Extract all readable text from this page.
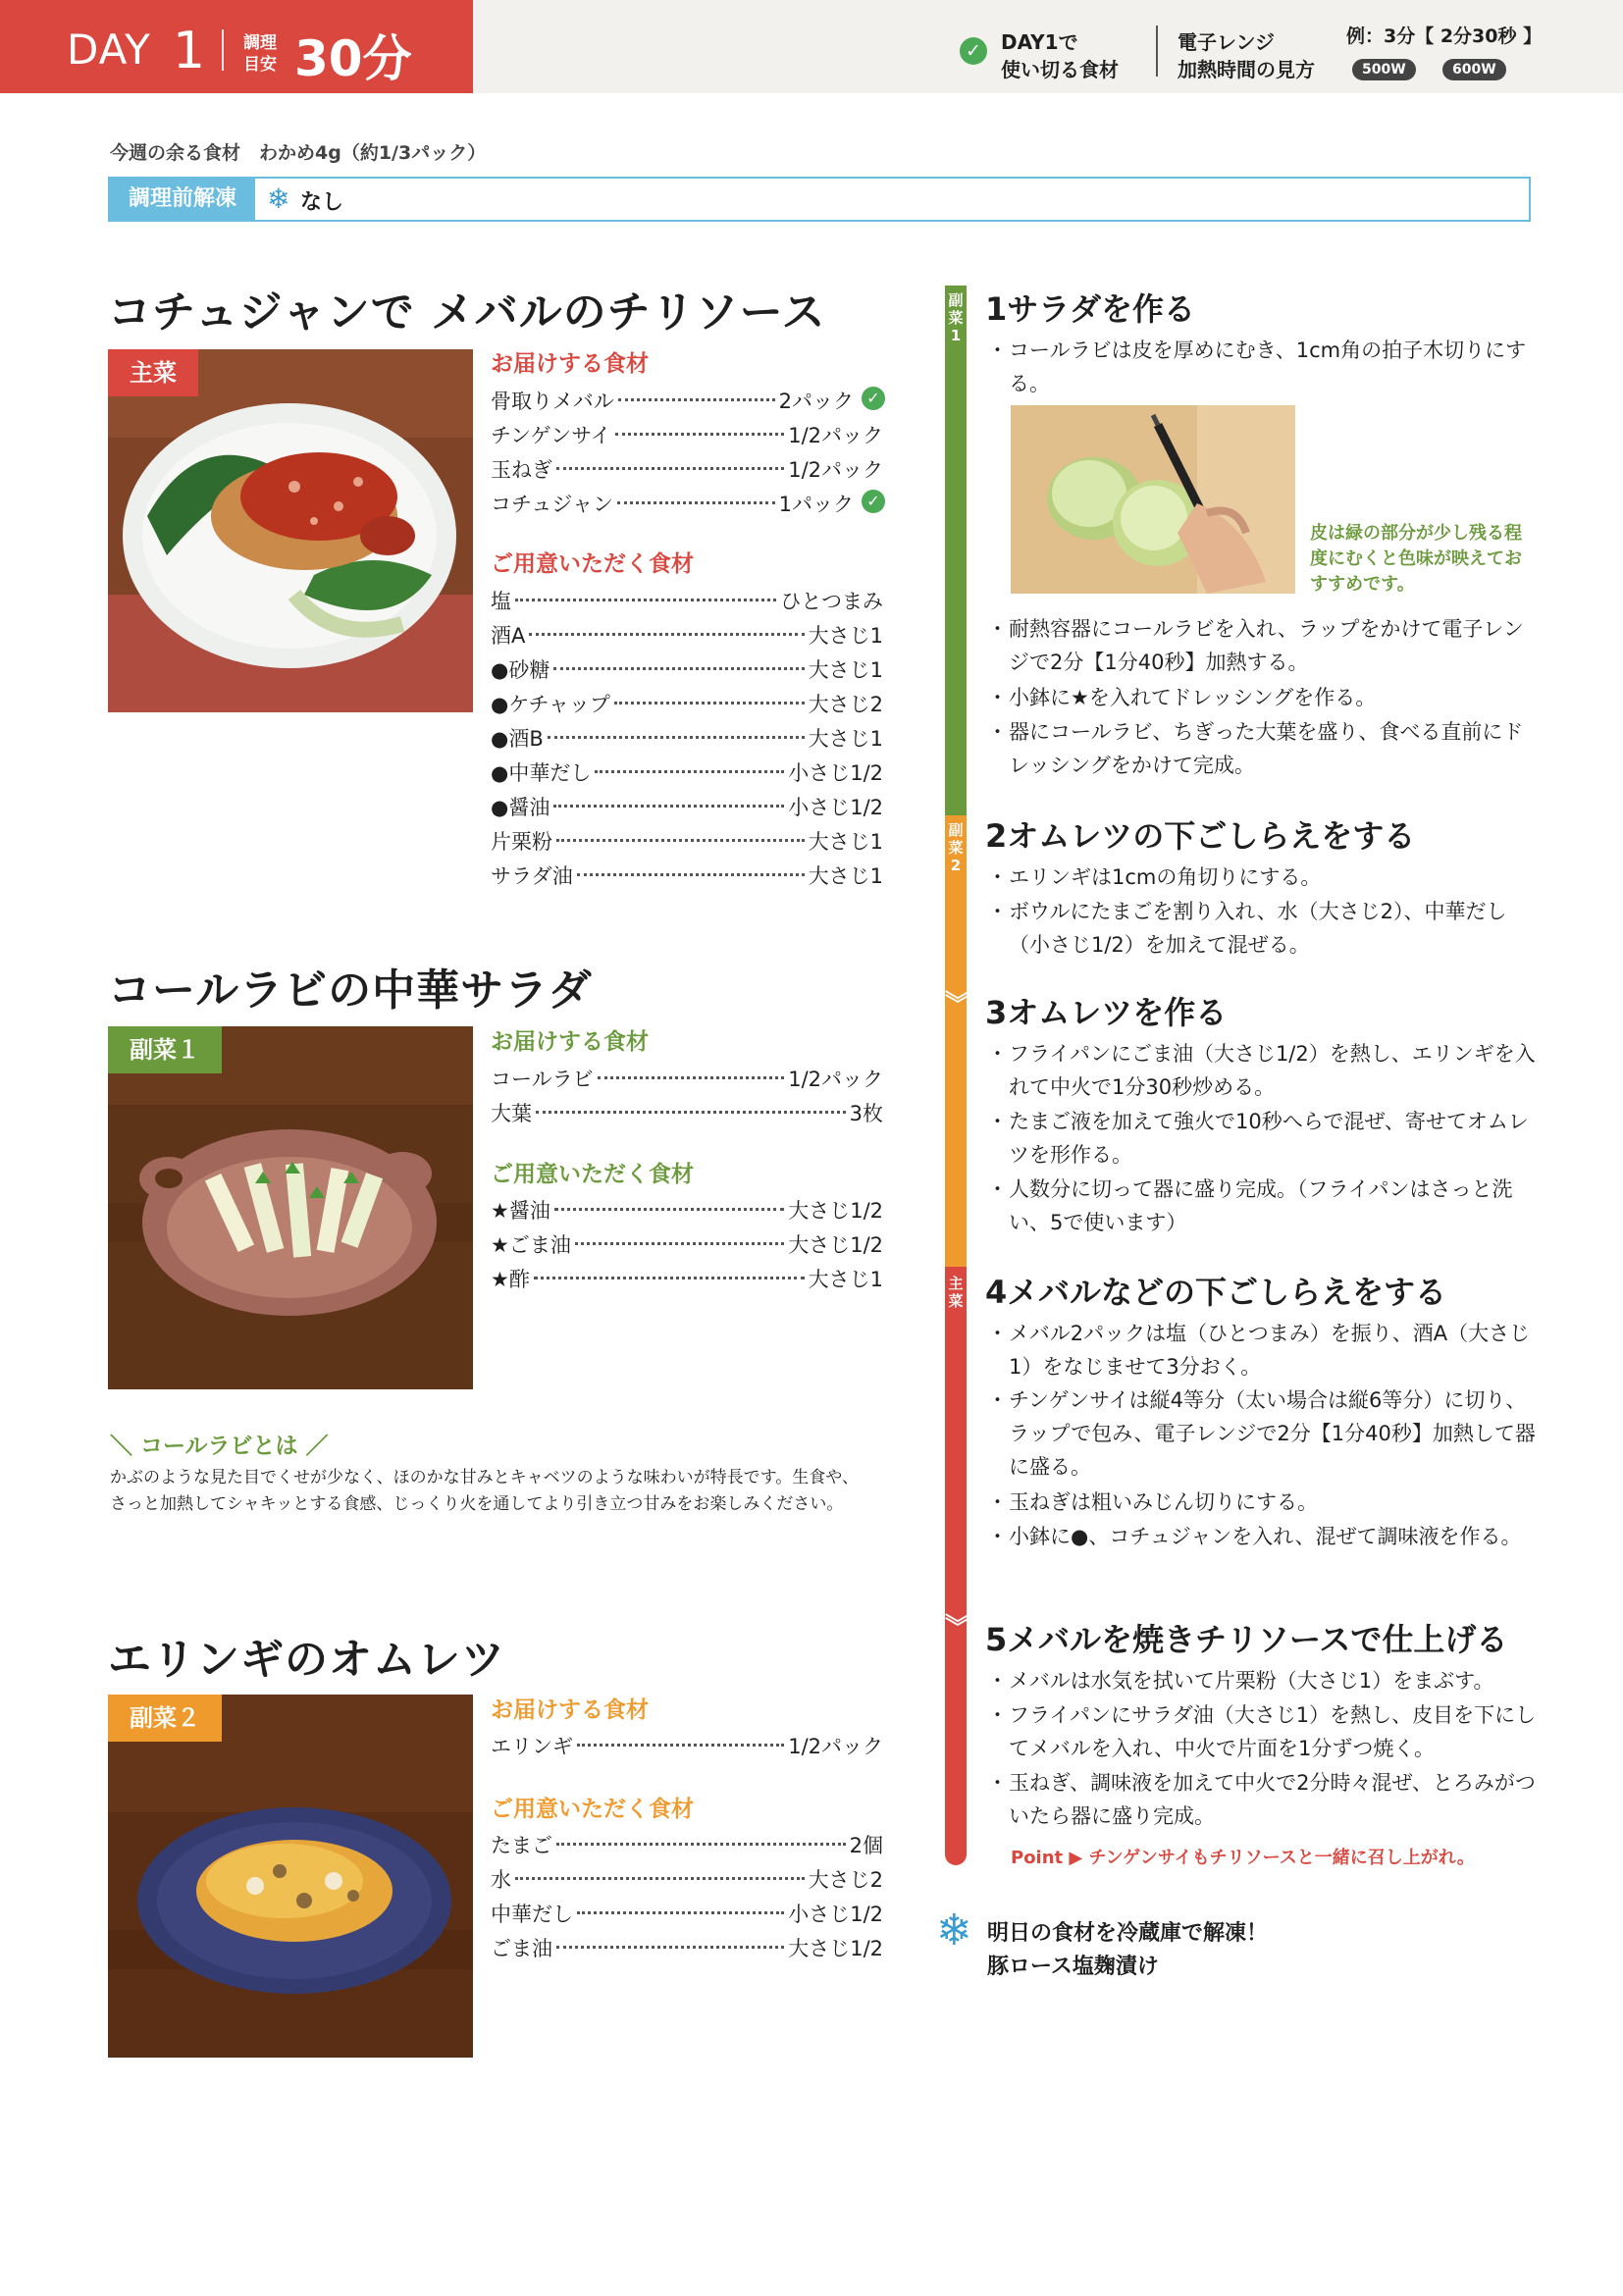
DAY 1 調理
目安 30分	✓	DAY1で
使い切る食材
電子レンジ
加熱時間の見方
例：3分【 2分30秒 】
500W	600W
今週の余る食材　わかめ4g（約1/3パック）
調理前解凍	❄ なし
コチュジャンで メバルのチリソース
主菜	お届けする食材
骨取りメバル	2パック ✓
チンゲンサイ	1/2パック
玉ねぎ	1/2パック
コチュジャン	1パック ✓
ご用意いただく食材
塩	ひとつまみ
酒A	大さじ1
●砂糖	大さじ1
●ケチャップ	大さじ2
●酒B	大さじ1
●中華だし	小さじ1/2
●醤油	小さじ1/2
片栗粉	大さじ1
サラダ油	大さじ1
コールラビの中華サラダ
副菜１	お届けする食材
コールラビ	1/2パック
大葉	3枚
ご用意いただく食材
★醤油	大さじ1/2
★ごま油	大さじ1/2
★酢	大さじ1
＼ コールラビとは ／
かぶのような見た目でくせが少なく、ほのかな甘みとキャベツのような味わいが特長です。生食や、さっと加熱してシャキッとする食感、じっくり火を通してより引き立つ甘みをお楽しみください。
エリンギのオムレツ
副菜２	お届けする食材
エリンギ	1/2パック
ご用意いただく食材
たまご	2個
水	大さじ2
中華だし	小さじ1/2
ごま油	大さじ1/2
副菜1
副菜2
主菜
︾
︾
1サラダを作る
・ コールラビは皮を厚めにむき、1cm角の拍子木切りにする。
・ 耐熱容器にコールラビを入れ、ラップをかけて電子レンジで2分【1分40秒】加熱する。
・ 小鉢に★を入れてドレッシングを作る。
・ 器にコールラビ、ちぎった大葉を盛り、食べる直前にドレッシングをかけて完成。
2オムレツの下ごしらえをする
・ エリンギは1cmの角切りにする。
・ ボウルにたまごを割り入れ、水（大さじ2）、中華だし（小さじ1/2）を加えて混ぜる。
3オムレツを作る
・ フライパンにごま油（大さじ1/2）を熱し、エリンギを入れて中火で1分30秒炒める。
・ たまご液を加えて強火で10秒へらで混ぜ、寄せてオムレツを形作る。
・ 人数分に切って器に盛り完成。（フライパンはさっと洗い、5で使います）
4メバルなどの下ごしらえをする
・ メバル2パックは塩（ひとつまみ）を振り、酒A（大さじ1）をなじませて3分おく。
・ チンゲンサイは縦4等分（太い場合は縦6等分）に切り、ラップで包み、電子レンジで2分【1分40秒】加熱して器に盛る。
・ 玉ねぎは粗いみじん切りにする。
・ 小鉢に●、コチュジャンを入れ、混ぜて調味液を作る。
5メバルを焼きチリソースで仕上げる
・ メバルは水気を拭いて片栗粉（大さじ1）をまぶす。
・ フライパンにサラダ油（大さじ1）を熱し、皮目を下にしてメバルを入れ、中火で片面を1分ずつ焼く。
・ 玉ねぎ、調味液を加えて中火で2分時々混ぜ、とろみがついたら器に盛り完成。
皮は緑の部分が少し残る程度にむくと色味が映えておすすめです。
Point ▶ チンゲンサイもチリソースと一緒に召し上がれ。
❄ 明日の食材を冷蔵庫で解凍！
豚ロース塩麹漬け
